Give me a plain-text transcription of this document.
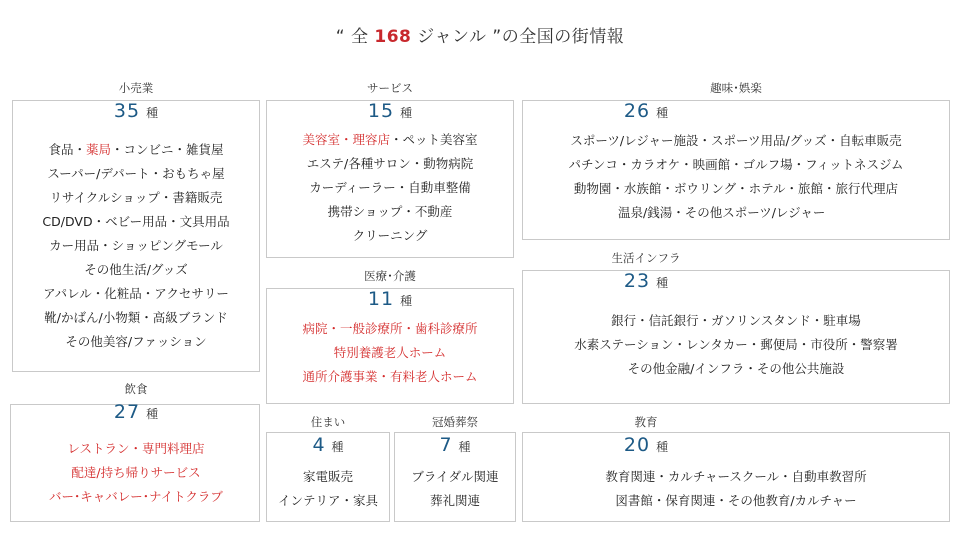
“ 全 168 ジャンル ”の全国の街情報
小売業
35 種
食品・薬局・コンビニ・雑貨屋
スーパー/デパート・おもちゃ屋
リサイクルショップ・書籍販売
CD/DVD・ベビー用品・文具用品
カー用品・ショッピングモール
その他生活/グッズ
アパレル・化粧品・アクセサリー
靴/かばん/小物類・高級ブランド
その他美容/ファッション
サービス
15 種
美容室・理容店・ペット美容室
エステ/各種サロン・動物病院
カーディーラー・自動車整備
携帯ショップ・不動産
クリーニング
趣味･娯楽
26 種
スポーツ/レジャー施設・スポーツ用品/グッズ・自転車販売
パチンコ・カラオケ・映画館・ゴルフ場・フィットネスジム
動物園・水族館・ボウリング・ホテル・旅館・旅行代理店
温泉/銭湯・その他スポーツ/レジャー
医療･介護
11 種
病院・一般診療所・歯科診療所
特別養護老人ホーム
通所介護事業・有料老人ホーム
生活インフラ
23 種
銀行・信託銀行・ガソリンスタンド・駐車場
水素ステーション・レンタカー・郵便局・市役所・警察署
その他金融/インフラ・その他公共施設
飲食
27 種
レストラン・専門料理店
配達/持ち帰りサービス
バー･キャバレー･ナイトクラブ
住まい
4 種
家電販売
インテリア・家具
冠婚葬祭
7 種
ブライダル関連
葬礼関連
教育
20 種
教育関連・カルチャースクール・自動車教習所
図書館・保育関連・その他教育/カルチャー
